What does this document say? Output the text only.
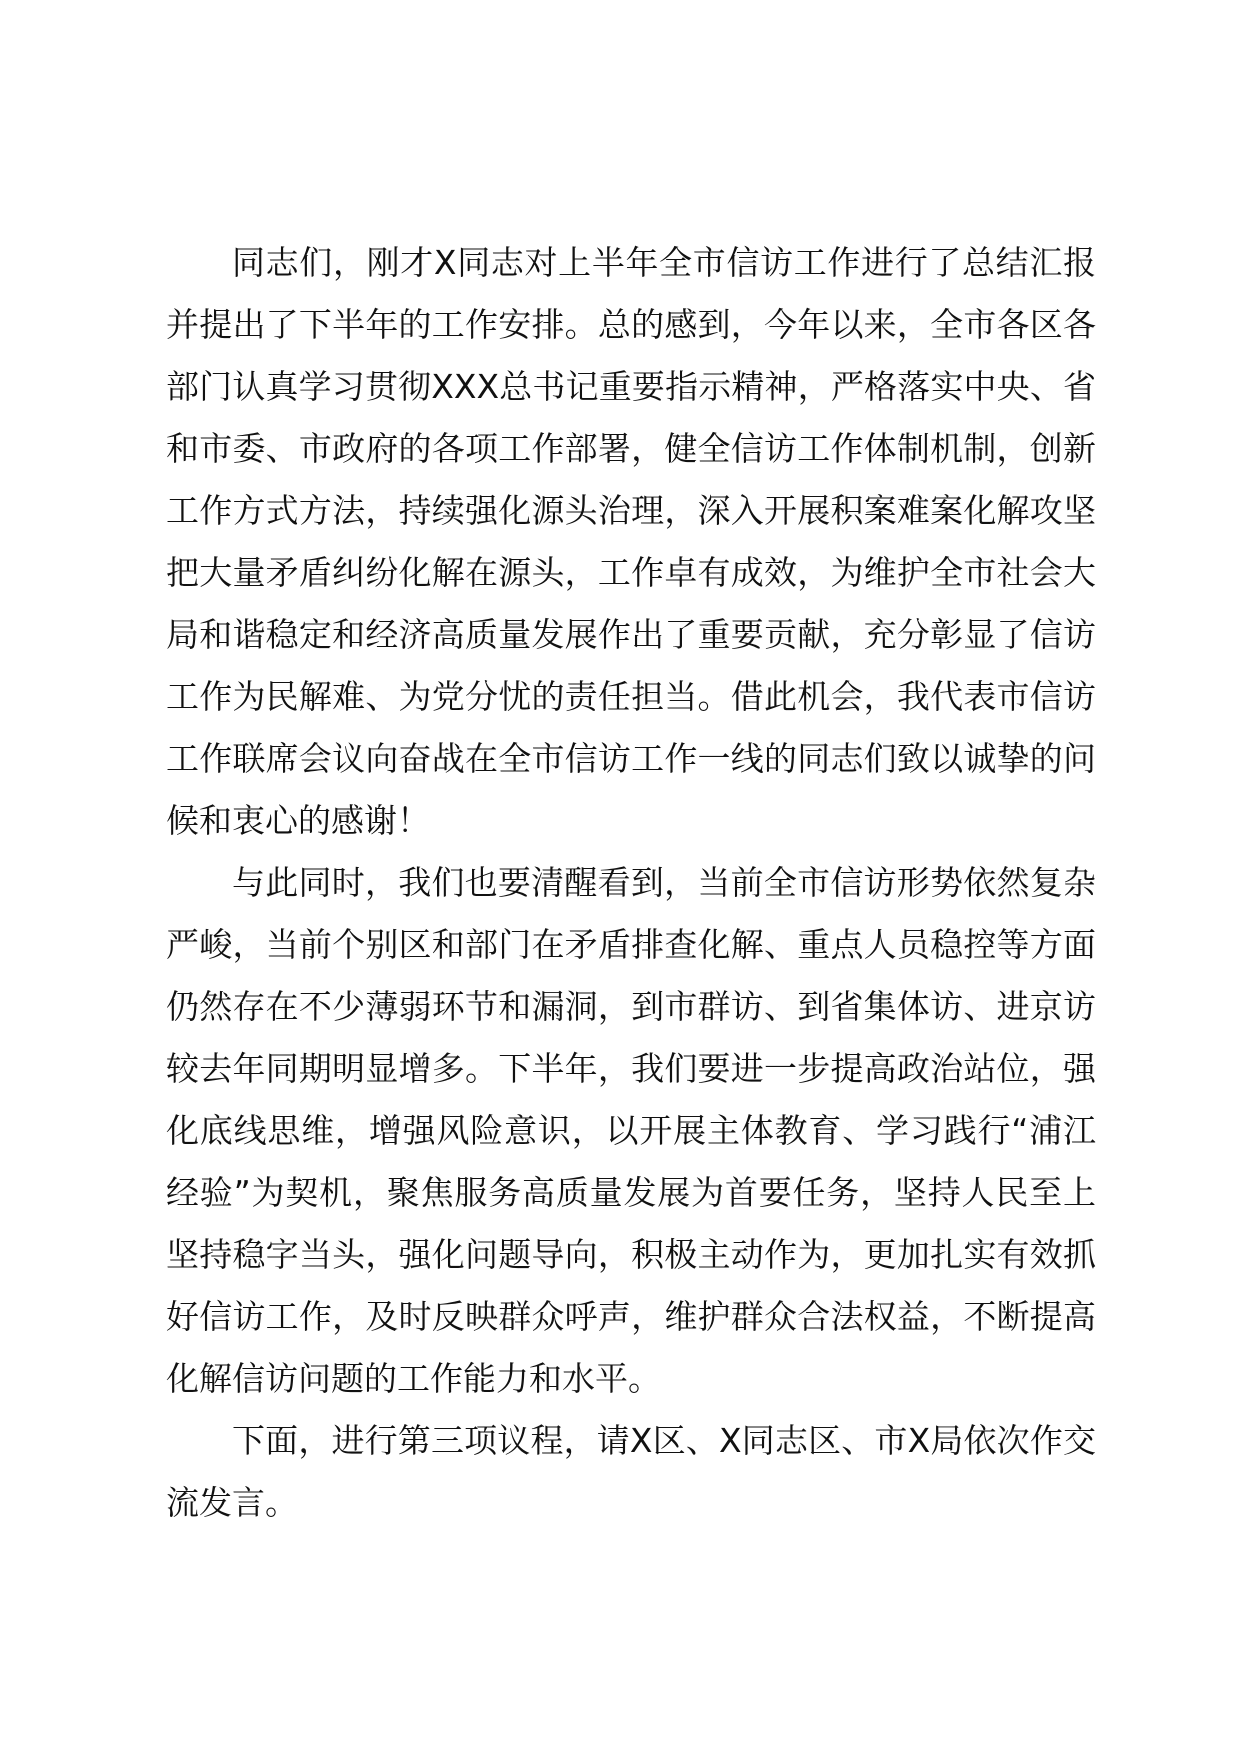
同志们，刚才X同志对上半年全市信访工作进行了总结汇报并提出了下半年的工作安排。总的感到，今年以来，全市各区各部门认真学习贯彻XXX总书记重要指示精神，严格落实中央、省和市委、市政府的各项工作部署，健全信访工作体制机制，创新工作方式方法，持续强化源头治理，深入开展积案难案化解攻坚把大量矛盾纠纷化解在源头，工作卓有成效，为维护全市社会大局和谐稳定和经济高质量发展作出了重要贡献，充分彰显了信访工作为民解难、为党分忧的责任担当。借此机会，我代表市信访工作联席会议向奋战在全市信访工作一线的同志们致以诚挚的问候和衷心的感谢！

与此同时，我们也要清醒看到，当前全市信访形势依然复杂严峻，当前个别区和部门在矛盾排查化解、重点人员稳控等方面仍然存在不少薄弱环节和漏洞，到市群访、到省集体访、进京访较去年同期明显增多。下半年，我们要进一步提高政治站位，强化底线思维，增强风险意识，以开展主体教育、学习践行“浦江经验”为契机，聚焦服务高质量发展为首要任务，坚持人民至上坚持稳字当头，强化问题导向，积极主动作为，更加扎实有效抓好信访工作，及时反映群众呼声，维护群众合法权益，不断提高化解信访问题的工作能力和水平。

下面，进行第三项议程，请X区、X同志区、市X局依次作交流发言。
